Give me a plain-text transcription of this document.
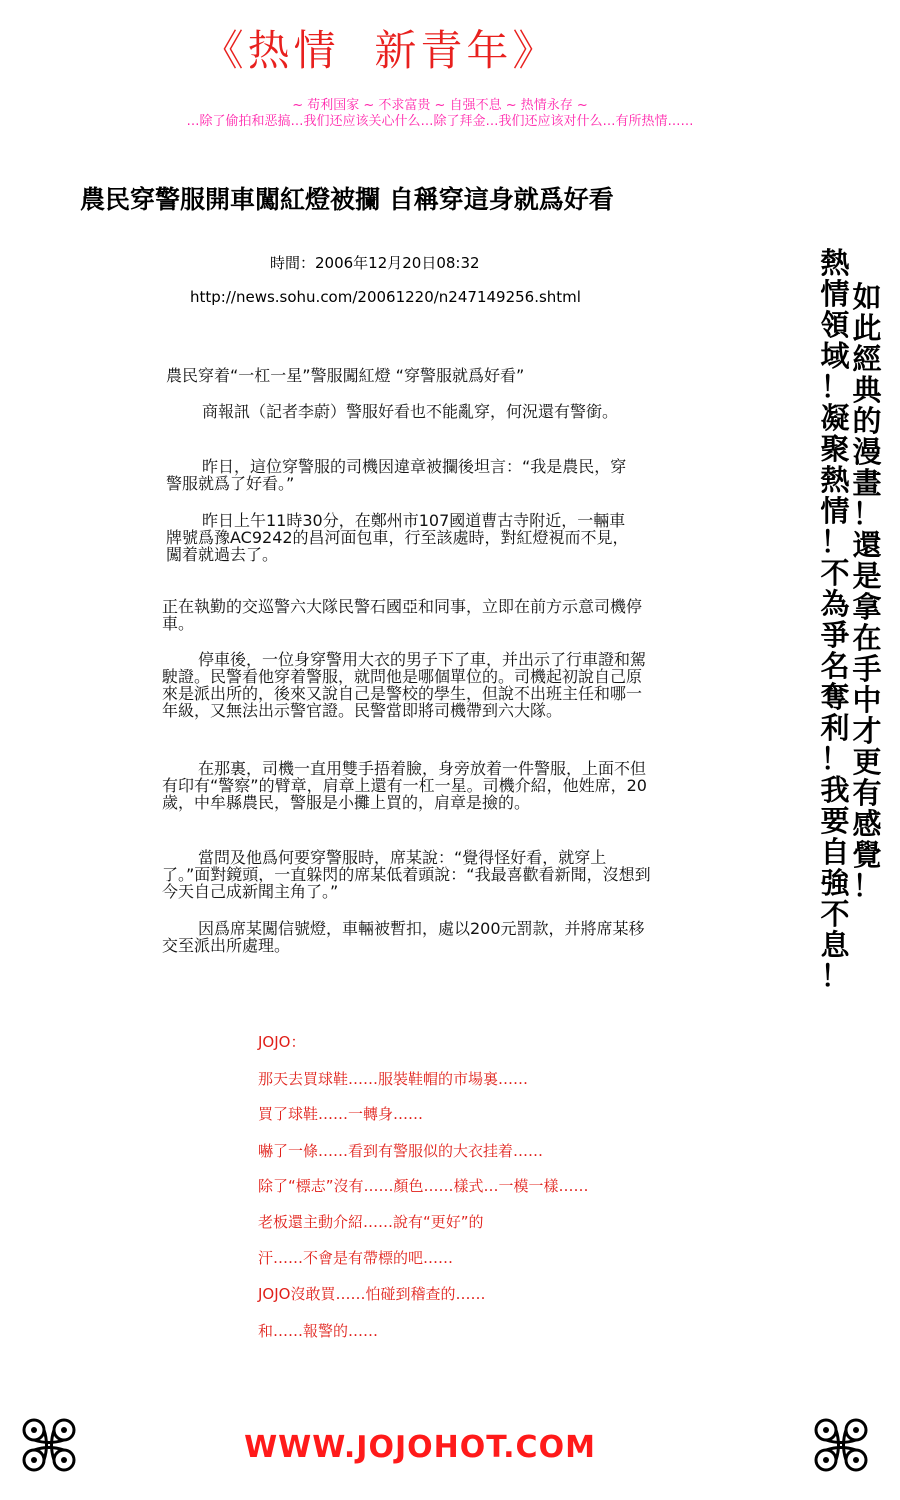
《热情  新青年》
~ 苟利国家 ~ 不求富贵 ~ 自强不息 ~ 热情永存 ~
…除了偷拍和恶搞…我们还应该关心什么…除了拜金…我们还应该对什么…有所热情……
農民穿警服開車闖紅燈被攔 自稱穿這身就爲好看
時間：2006年12月20日08:32
http://news.sohu.com/20061220/n247149256.shtml
農民穿着“一杠一星”警服闖紅燈 “穿警服就爲好看”
商報訊（記者李蔚）警服好看也不能亂穿，何況還有警銜。
昨日，這位穿警服的司機因違章被攔後坦言：“我是農民，穿警服就爲了好看。”
昨日上午11時30分，在鄭州市107國道曹古寺附近，一輛車牌號爲豫AC9242的昌河面包車，行至該處時，對紅燈視而不見，闖着就過去了。
正在執勤的交巡警六大隊民警石國亞和同事，立即在前方示意司機停車。
停車後，一位身穿警用大衣的男子下了車，并出示了行車證和駕駛證。民警看他穿着警服，就問他是哪個單位的。司機起初說自己原來是派出所的，後來又說自己是警校的學生，但說不出班主任和哪一年級，又無法出示警官證。民警當即將司機帶到六大隊。
在那裏，司機一直用雙手捂着臉，身旁放着一件警服，上面不但有印有“警察”的臂章，肩章上還有一杠一星。司機介紹，他姓席，20歲，中牟縣農民，警服是小攤上買的，肩章是撿的。
當問及他爲何要穿警服時，席某說：“覺得怪好看，就穿上了。”面對鏡頭，一直躲閃的席某低着頭說：“我最喜歡看新聞，沒想到今天自己成新聞主角了。”
因爲席某闖信號燈，車輛被暫扣，處以200元罰款，并將席某移交至派出所處理。
熱情領域！凝聚熱情！不為爭名奪利！我要自強不息！
如此經典的漫畫！還是拿在手中才更有感覺！
JOJO：
那天去買球鞋……服裝鞋帽的市場裏……
買了球鞋……一轉身……
嚇了一條……看到有警服似的大衣挂着……
除了“標志”沒有……顏色……樣式…一模一樣……
老板還主動介紹……說有“更好”的
汗……不會是有帶標的吧……
JOJO沒敢買……怕碰到稽查的……
和……報警的……
WWW.JOJOHOT.COM
